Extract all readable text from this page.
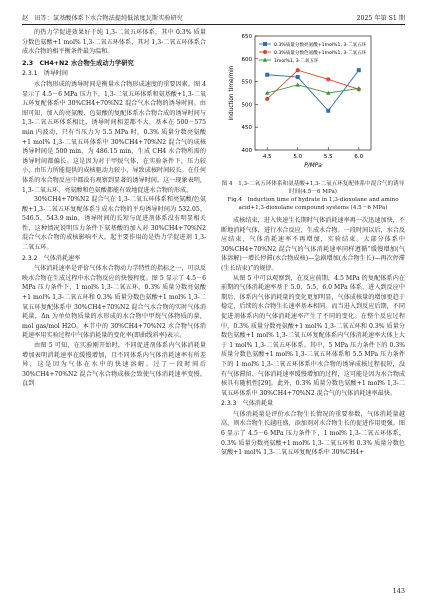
赵　田等：氯基酸体系下水合物法提纯低浓度瓦斯实验研究	2025 年第 S1 期

的热力学促进效果好于纯 1,3-二氧五环体系，其中 0.3% 质量分数色氨酸+1 mol% 1,3-二氧五环体系，其对 1,3-二氧五环体系合成水合物的相平衡条件最为温和。

2.3　CH4+N2 水合物生成动力学研究
2.3.1　诱导时间

水合物形成的诱导时间是衡量水合物形成速度的重要因素。图 4 显示了 4.5－6 MPa 压力下，1,3-二氧五环体系和氨基酸+1,3-二氧五环复配体系中 30%CH4+70%N2 混合气水合物的诱导时间。由图可知，加入的亮氨酸、色氨酸的复配体系水合物合成的诱导时间与 1,3-二氧五环体系相比，诱导时间相差都不大，基本在 500－575 min 内波动，只有当压力为 5.5 MPa 时，0.3% 质量分数亮氨酸+1 mol% 1,3-二氧五环体系中 30%CH4+70%N2 混合气的成核诱导时间是 500 min，为 486.15 min，生成 CH4 水合物所需的诱导时间都偏长。这是因为对于甲烷气体，在实验条件下，压力较小，由压力所能提供的成核驱动力较小，导致成核时间较长。在任何体系的水合物反应中都没有观察到显著的诱导时间。这一现象表明，1,3-二氧五环、亮氨酸和色氨酸都能有效地促进水合物的形成。

30%CH4+70%N2 混合气在 1,3-二氧五环体系和亮氨酸/色氨酸+1,3-二氧五环复配体系生成水合物的平均诱导时间为 532.05、546.5、543.9 min，诱导时间的长短与促进剂体系没有明显相关性，这种情况说明压力条件下氨基酸的加入对 30%CH4+70%N2 混合气水合物的成核影响不大。起主要作用的是热力学促进剂 1,3-二氧五环。

2.3.2　气体消耗速率

气体消耗速率是评价气体水合物动力学特性的指标之一，可以反映水合物在生成过程中水合物反应的快慢程度。图 5 显示了 4.5－6 MPa 压力条件下，1 mol% 1,3-二氧五环、0.3% 质量分数亮氨酸+1 mol% 1,3-二氧五环和 0.3% 质量分数色氨酸+1 mol% 1,3-二氧五环复配体系中 30%CH4+70%N2 混合气水合物的实时气体消耗量，Δn 为单位物质量的水形成的水合物中甲烷气体物质的量，mol gas/mol H2O。本节中的 30%CH4+70%N2 水合物气体消耗速率用实验过程中气体消耗量的变化率(即曲线斜率)表示。

由图 5 可知，在实验刚开始时，不同促进剂体系内气体消耗量增加表明消耗速率在缓慢增加，且不同体系内气体消耗速率有所差异，这是因为气体在水中的快速溶解。过了一段时间后 30%CH4+70%N2 混合气水合物成核会致使气体消耗速率变慢。直到

400
450
500
550
600
650
4.5	5.0	5.5	6.0
P/MPa
Induction time/min
0.3%质量分数亮氨酸+1mol%1, 3-二氧五环
0.3%质量分数色氨酸+1mol%1, 3-二氧五环
1mol%1, 3-二氧五环
图 4　1,3-二氧五环体系和氨基酸+1,3-二氧五环复配体系中混合气的诱导时间(4.5－6 MPa)
Fig.4　Induction time of hydrate in 1,3-dioxolane and amino acid+1,3-dioxolane compound systems (4.5－6 MPa)

成核结束，进入快速生长期时气体消耗速率再一次迅速加快，不断地消耗气体，进行水合反应，生成水合物。一段时间以后，水合反应结束，气体消耗速率不再增加，实验结束。大部分体系中 30%CH4+70%N2 混合气的气体消耗速率同样遵循“缓慢增加(气体溶解)一增长停滞(水合物成核)—急剧增加(水合物生长)—再次停滞(生长结束)”的规律。

从图 5 中可以观察到，在反应前期，4.5 MPa 的复配体系内在前期的气体消耗速率基于 5.0、5.5、6.0 MPa 体系，进入到反应中期后，体系内气体消耗量的变化更加明显，气体成核量的增加更趋于稳定，后续的水合物生长速率基本相同。而当进入到反应后期，不同促进剂体系内的气体消耗速率产生了不同的变化。在整个反应过程中，0.3% 质量分数亮氨酸+1 mol% 1,3-二氧五环和 0.3% 质量分数色氨酸+1 mol% 1,3-二氧五环复配体系内气体消耗速率大体上大于 1 mol% 1,3-二氧五环体系。其中，5 MPa 压力条件下的 0.3% 质量分数色氨酸+1 mol% 1,3-二氧五环体系和 5.5 MPa 压力条件下的 1 mol% 1,3-二氧五环体系中水合物的诱导成核过程很短，没有气体滞留、气体消耗速率缓慢增加的过程，这可能是因为水合物成核具有随机性[29]。此外，0.3% 质量分数色氨酸+1 mol% 1,3-二氧五环体系中 30%CH4+70%N2 混合气的气体消耗速率最快。

2.3.3　气体消耗量

气体消耗量是评价水合物生长情况的重要参数，气体消耗量越高，则水合物生长越旺盛，添加剂对水合物生长的促进作用更强。图 6 显示了 4.5－6 MPa 压力条件下，1 mol% 1,3-二氧五环体系、0.3% 质量分数亮氨酸+1 mol% 1,3-二氧五环和 0.3% 质量分数色氨酸+1 mol% 1,3-二氧五环复配体系中 30%CH4+

143
